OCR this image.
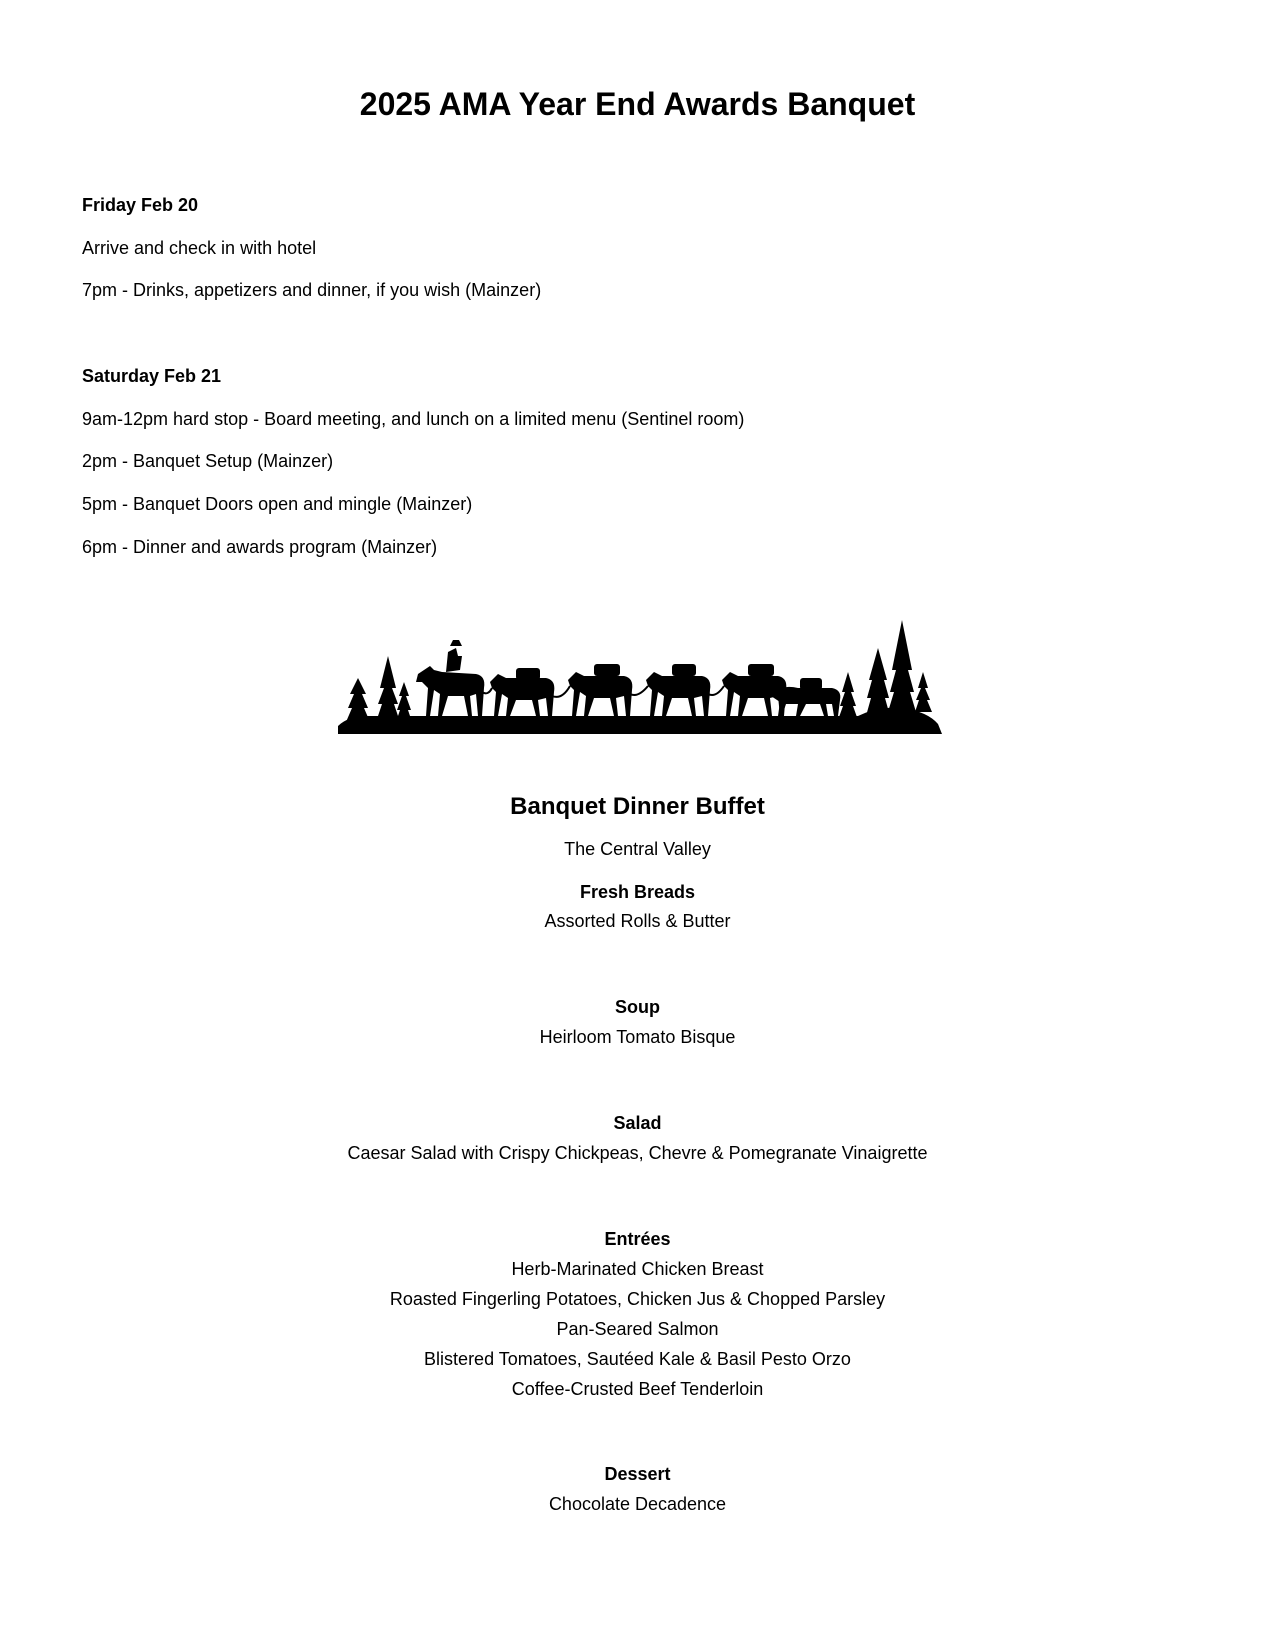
2025 AMA Year End Awards Banquet
Friday Feb 20
Arrive and check in with hotel
7pm - Drinks, appetizers and dinner, if you wish (Mainzer)
Saturday Feb 21
9am-12pm hard stop - Board meeting, and lunch on a limited menu (Sentinel room)
2pm - Banquet Setup (Mainzer)
5pm - Banquet Doors open and mingle (Mainzer)
6pm - Dinner and awards program (Mainzer)
Banquet Dinner Buffet
The Central Valley
Fresh Breads
Assorted Rolls & Butter
Soup
Heirloom Tomato Bisque
Salad
Caesar Salad with Crispy Chickpeas, Chevre & Pomegranate Vinaigrette
Entrées
Herb-Marinated Chicken Breast
Roasted Fingerling Potatoes, Chicken Jus & Chopped Parsley
Pan-Seared Salmon
Blistered Tomatoes, Sautéed Kale & Basil Pesto Orzo
Coffee-Crusted Beef Tenderloin
Dessert
Chocolate Decadence
